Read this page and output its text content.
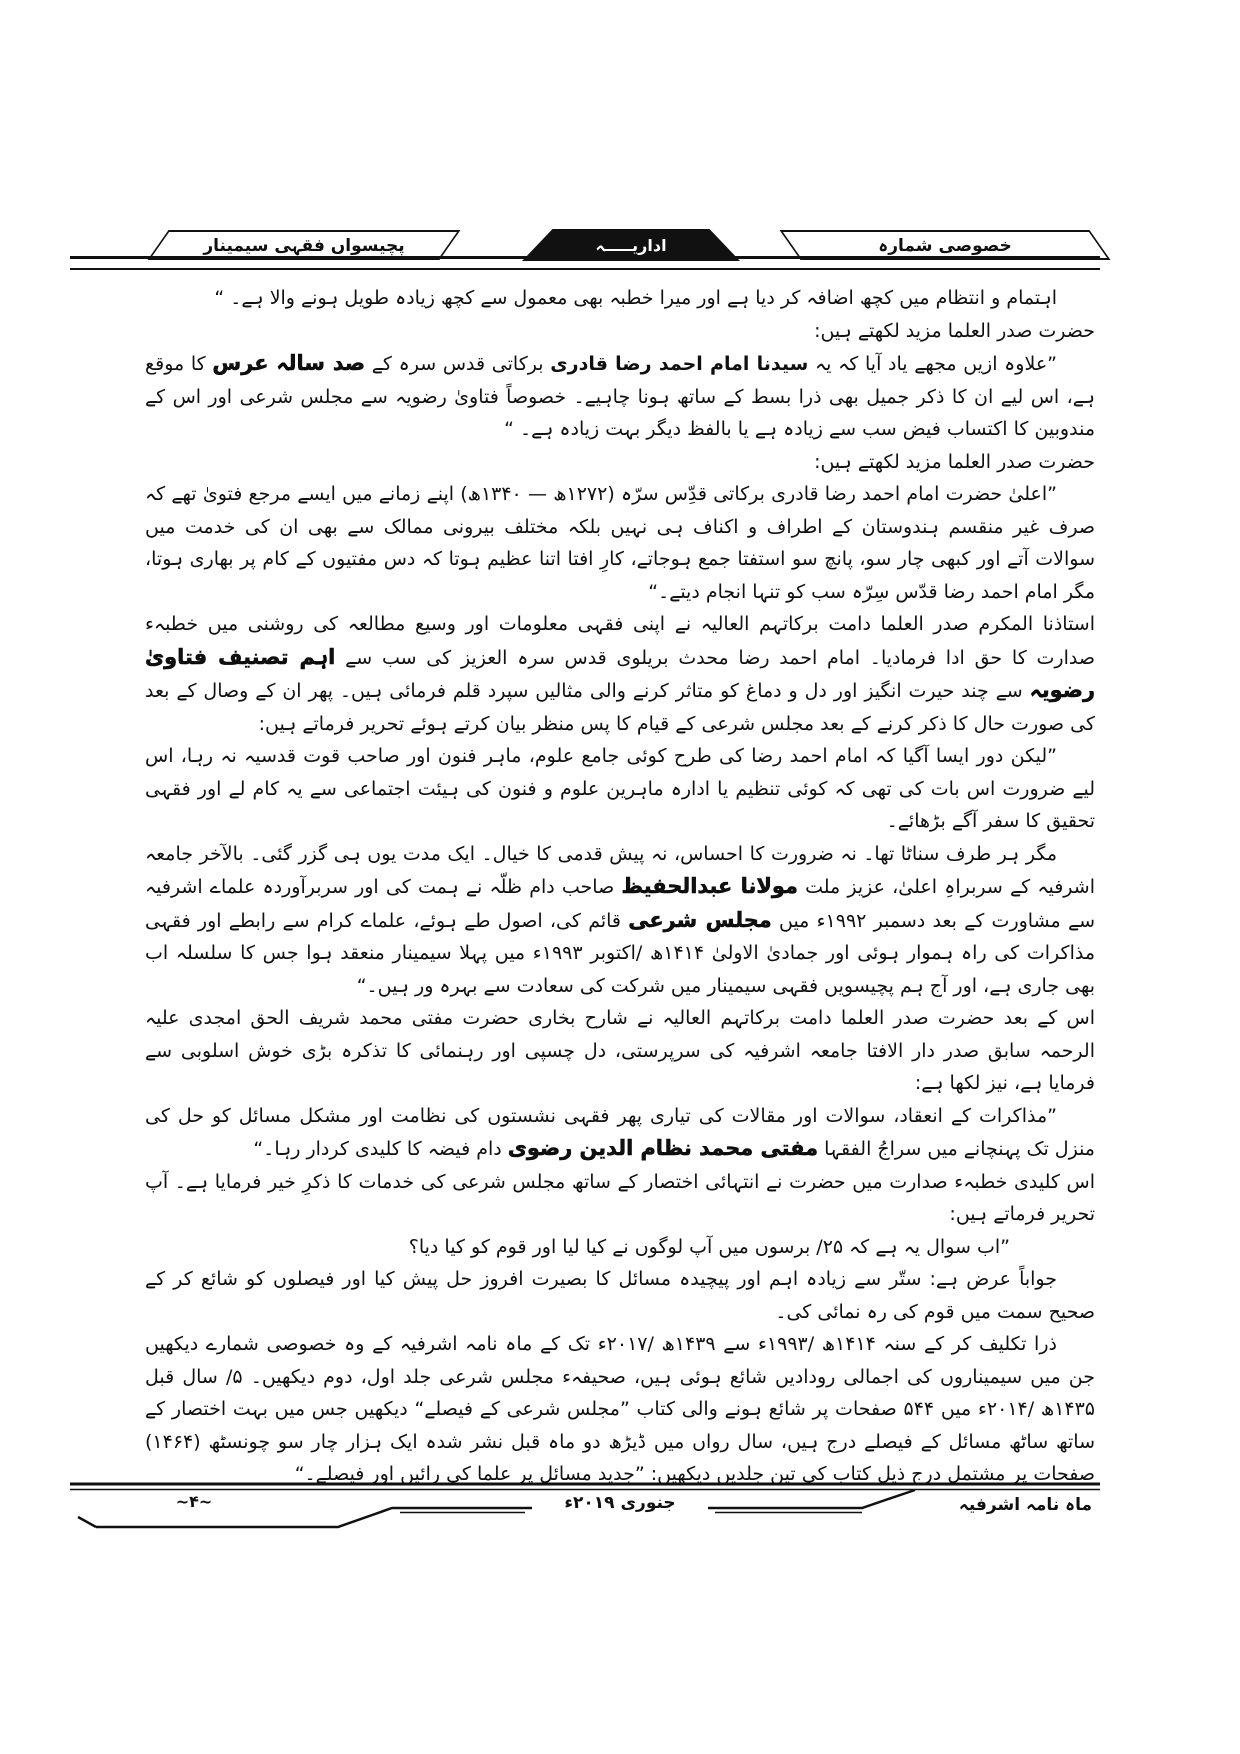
خصوصی شمارہ
اداریـــــہ
پچیسواں فقہی سیمینار

اہتمام و انتظام میں کچھ اضافہ کر دیا ہے اور میرا خطبہ بھی معمول سے کچھ زیادہ طویل ہونے والا ہے۔ “

حضرت صدر العلما مزید لکھتے ہیں:

”علاوہ ازیں مجھے یاد آیا کہ یہ سیدنا امام احمد رضا قادری برکاتی قدس سرہ کے صد سالہ عرس کا موقع ہے، اس لیے ان کا ذکر جمیل بھی ذرا بسط کے ساتھ ہونا چاہیے۔ خصوصاً فتاویٰ رضویہ سے مجلس شرعی اور اس کے مندوبین کا اکتساب فیض سب سے زیادہ ہے یا بالفظ دیگر بہت زیادہ ہے۔ “

حضرت صدر العلما مزید لکھتے ہیں:

”اعلیٰ حضرت امام احمد رضا قادری برکاتی قدِّس سرّہ (۱۲۷۲ھ — ۱۳۴۰ھ) اپنے زمانے میں ایسے مرجع فتویٰ تھے کہ صرف غیر منقسم ہندوستان کے اطراف و اکناف ہی نہیں بلکہ مختلف بیرونی ممالک سے بھی ان کی خدمت میں سوالات آتے اور کبھی چار سو، پانچ سو استفتا جمع ہوجاتے، کارِ افتا اتنا عظیم ہوتا کہ دس مفتیوں کے کام پر بھاری ہوتا، مگر امام احمد رضا قدّس سِرّہ سب کو تنہا انجام دیتے۔“

استاذنا المکرم صدر العلما دامت برکاتہم العالیہ نے اپنی فقہی معلومات اور وسیع مطالعہ کی روشنی میں خطبہء صدارت کا حق ادا فرمادیا۔ امام احمد رضا محدث بریلوی قدس سرہ العزیز کی سب سے اہم تصنیف فتاویٰ رضویہ سے چند حیرت انگیز اور دل و دماغ کو متاثر کرنے والی مثالیں سپرد قلم فرمائی ہیں۔ پھر ان کے وصال کے بعد کی صورت حال کا ذکر کرنے کے بعد مجلس شرعی کے قیام کا پس منظر بیان کرتے ہوئے تحریر فرماتے ہیں:

”لیکن دور ایسا آگیا کہ امام احمد رضا کی طرح کوئی جامع علوم، ماہر فنون اور صاحب قوت قدسیہ نہ رہا، اس لیے ضرورت اس بات کی تھی کہ کوئی تنظیم یا ادارہ ماہرین علوم و فنون کی ہیئت اجتماعی سے یہ کام لے اور فقہی تحقیق کا سفر آگے بڑھائے۔

مگر ہر طرف سناٹا تھا۔ نہ ضرورت کا احساس، نہ پیش قدمی کا خیال۔ ایک مدت یوں ہی گزر گئی۔ بالآخر جامعہ اشرفیہ کے سربراہِ اعلیٰ، عزیز ملت مولانا عبدالحفیظ صاحب دام ظلّہ نے ہمت کی اور سربرآوردہ علماے اشرفیہ سے مشاورت کے بعد دسمبر ۱۹۹۲ء میں مجلس شرعی قائم کی، اصول طے ہوئے، علماے کرام سے رابطے اور فقہی مذاکرات کی راہ ہموار ہوئی اور جمادیٰ الاولیٰ ۱۴۱۴ھ /اکتوبر ۱۹۹۳ء میں پہلا سیمینار منعقد ہوا جس کا سلسلہ اب بھی جاری ہے، اور آج ہم پچیسویں فقہی سیمینار میں شرکت کی سعادت سے بہرہ ور ہیں۔“

اس کے بعد حضرت صدر العلما دامت برکاتہم العالیہ نے شارح بخاری حضرت مفتی محمد شریف الحق امجدی علیہ الرحمہ سابق صدر دار الافتا جامعہ اشرفیہ کی سرپرستی، دل چسپی اور رہنمائی کا تذکرہ بڑی خوش اسلوبی سے فرمایا ہے، نیز لکھا ہے:

”مذاکرات کے انعقاد، سوالات اور مقالات کی تیاری پھر فقہی نشستوں کی نظامت اور مشکل مسائل کو حل کی منزل تک پہنچانے میں سراجُ الفقہا مفتی محمد نظام الدین رضوی دام فیضہ کا کلیدی کردار رہا۔“

اس کلیدی خطبہء صدارت میں حضرت نے انتہائی اختصار کے ساتھ مجلس شرعی کی خدمات کا ذکرِ خیر فرمایا ہے۔ آپ تحریر فرماتے ہیں:

”اب سوال یہ ہے کہ ۲۵/ برسوں میں آپ لوگوں نے کیا لیا اور قوم کو کیا دیا؟

جواباً عرض ہے: ستّر سے زیادہ اہم اور پیچیدہ مسائل کا بصیرت افروز حل پیش کیا اور فیصلوں کو شائع کر کے صحیح سمت میں قوم کی رہ نمائی کی۔

ذرا تکلیف کر کے سنہ ۱۴۱۴ھ /۱۹۹۳ء سے ۱۴۳۹ھ /۲۰۱۷ء تک کے ماہ نامہ اشرفیہ کے وہ خصوصی شمارے دیکھیں جن میں سیمیناروں کی اجمالی رودادیں شائع ہوئی ہیں، صحیفہء مجلس شرعی جلد اول، دوم دیکھیں۔ ۵/ سال قبل ۱۴۳۵ھ /۲۰۱۴ء میں ۵۴۴ صفحات پر شائع ہونے والی کتاب ”مجلس شرعی کے فیصلے“ دیکھیں جس میں بہت اختصار کے ساتھ ساٹھ مسائل کے فیصلے درج ہیں، سال رواں میں ڈیڑھ دو ماہ قبل نشر شدہ ایک ہزار چار سو چونسٹھ (۱۴۶۴) صفحات پر مشتمل درج ذیل کتاب کی تین جلدیں دیکھیں: ”جدید مسائل پر علما کی رائیں اور فیصلے۔“

ماہ نامہ اشرفیہ
جنوری ۲۰۱۹ء
~۴~
